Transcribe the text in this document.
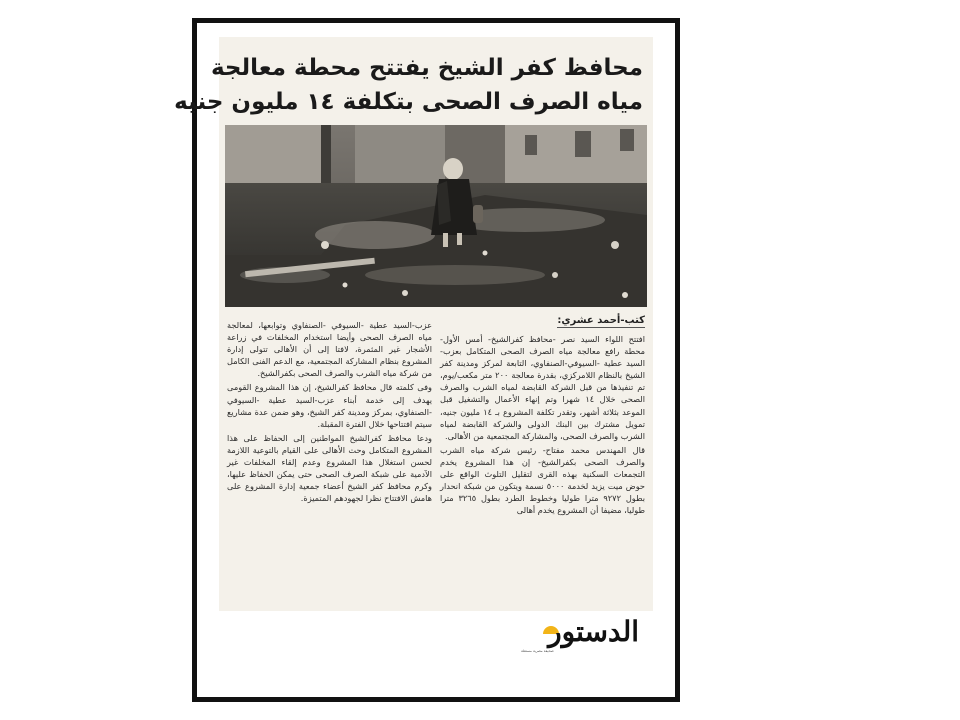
محافظ كفر الشيخ يفتتح محطة معالجة
مياه الصرف الصحى بتكلفة ١٤ مليون جنيه
كتب-أحمد عشري:

افتتح اللواء السيد نصر -محافظ كفرالشيخ- أمس الأول- محطة رافع معالجة مياه الصرف الصحى المتكامل بعزب-السيد عطية -السيوفي-الصنفاوي، التابعة لمركز ومدينة كفر الشيخ بالنظام اللامركزي، بقدرة معالجة ٢٠٠ متر مكعب/يوم، تم تنفيذها من قبل الشركة القابضة لمياه الشرب والصرف الصحى خلال ١٤ شهرا وتم إنهاء الأعمال والتشغيل قبل الموعد بثلاثة أشهر، وتقدر تكلفة المشروع بـ ١٤ مليون جنيه، تمويل مشترك بين البنك الدولى والشركة القابضة لمياه الشرب والصرف الصحى، والمشاركة المجتمعية من الأهالى.

قال المهندس محمد مفتاح- رئيس شركة مياه الشرب والصرف الصحى بكفرالشيخ- إن هذا المشروع يخدم التجمعات السكنية بهذه القرى لتقليل التلوث الواقع على حوض ميت يزيد لخدمة ٥٠٠٠ نسمة ويتكون من شبكة انحدار بطول ٩٢٧٢ مترا طوليا وخطوط الطرد بطول ٣٢٦٥ مترا طوليا، مضيفا أن المشروع يخدم أهالى

عزب-السيد عطية -السيوفي -الصنفاوي وتوابعها، لمعالجة مياه الصرف الصحى وأيضا استخدام المخلفات في زراعة الأشجار غير المثمرة، لافتا إلى أن الأهالى تتولى إدارة المشروع بنظام المشاركة المجتمعية، مع الدعم الفنى الكامل من شركة مياه الشرب والصرف الصحى بكفرالشيخ.

وفى كلمته قال محافظ كفرالشيخ، إن هذا المشروع القومى يهدف إلى خدمة أبناء عزب-السيد عطية -السيوفي -الصنفاوي، بمركز ومدينة كفر الشيخ، وهو ضمن عدة مشاريع سيتم افتتاحها خلال الفترة المقبلة.

ودعا محافظ كفرالشيخ المواطنين إلى الحفاظ على هذا المشروع المتكامل وحث الأهالى على القيام بالتوعية اللازمة لحسن استغلال هذا المشروع وعدم إلقاء المخلفات غير الآدمية على شبكة الصرف الصحى حتى يمكن الحفاظ عليها، وكرم محافظ كفر الشيخ أعضاء جمعية إدارة المشروع على هامش الافتتاح نظرا لجهودهم المتميزة.

الدستور
صحيفة مصرية مستقلة
